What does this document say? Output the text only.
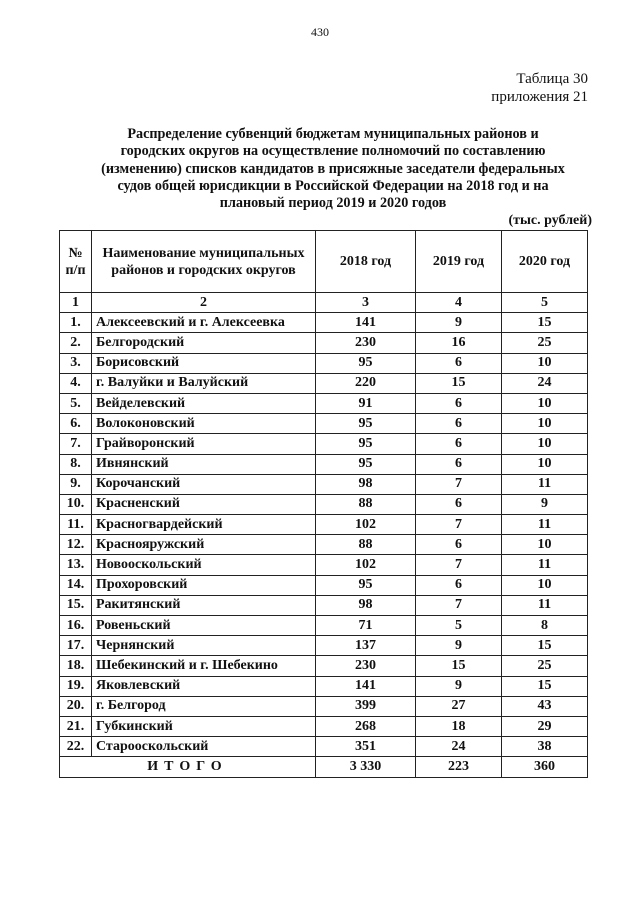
430
Таблица 30
приложения 21
Распределение субвенций бюджетам муниципальных районов и
городских округов на осуществление полномочий по составлению
(изменению) списков кандидатов в присяжные заседатели федеральных
судов общей юрисдикции в Российской Федерации на 2018 год и на
плановый период 2019 и 2020 годов
(тыс. рублей)
№
п/п	Наименование муниципальных районов и городских округов	2018 год	2019 год	2020 год
1	2	3	4	5
1.	Алексеевский и г. Алексеевка	141	9	15
2.	Белгородский	230	16	25
3.	Борисовский	95	6	10
4.	г. Валуйки и Валуйский	220	15	24
5.	Вейделевский	91	6	10
6.	Волоконовский	95	6	10
7.	Грайворонский	95	6	10
8.	Ивнянский	95	6	10
9.	Корочанский	98	7	11
10.	Красненский	88	6	9
11.	Красногвардейский	102	7	11
12.	Краснояружский	88	6	10
13.	Новооскольский	102	7	11
14.	Прохоровский	95	6	10
15.	Ракитянский	98	7	11
16.	Ровеньский	71	5	8
17.	Чернянский	137	9	15
18.	Шебекинский и г. Шебекино	230	15	25
19.	Яковлевский	141	9	15
20.	г. Белгород	399	27	43
21.	Губкинский	268	18	29
22.	Старооскольский	351	24	38
ИТОГО		3 330	223	360
